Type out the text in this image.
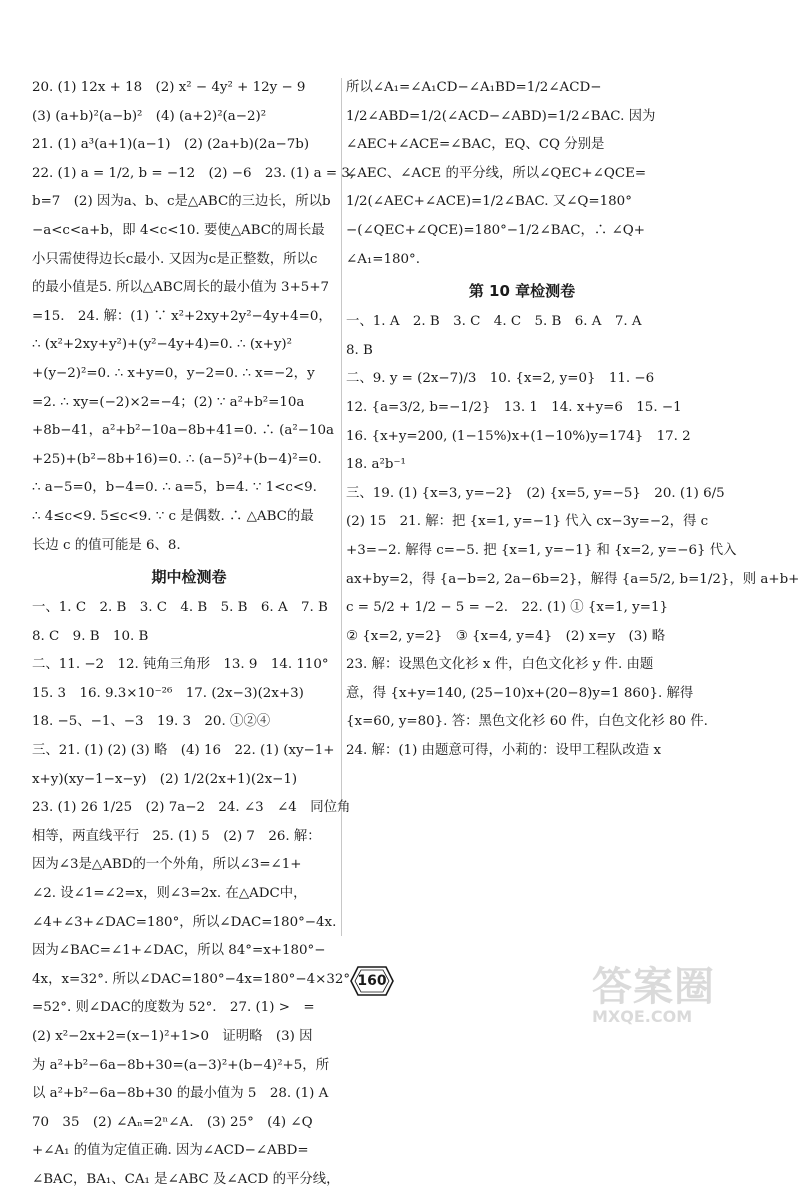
20. (1) 12x + 18　(2) x² − 4y² + 12y − 9
(3) (a+b)²(a−b)²　(4) (a+2)²(a−2)²
21. (1) a³(a+1)(a−1)　(2) (2a+b)(2a−7b)
22. (1) a = 1/2, b = −12　(2) −6　23. (1) a = 3,
b=7　(2) 因为a、b、c是△ABC的三边长，所以b
−a<c<a+b，即 4<c<10. 要使△ABC的周长最
小只需使得边长c最小. 又因为c是正整数，所以c
的最小值是5. 所以△ABC周长的最小值为 3+5+7
=15.　24. 解：(1) ∵ x²+2xy+2y²−4y+4=0，
∴ (x²+2xy+y²)+(y²−4y+4)=0. ∴ (x+y)²
+(y−2)²=0. ∴ x+y=0，y−2=0. ∴ x=−2，y
=2. ∴ xy=(−2)×2=−4；(2) ∵ a²+b²=10a
+8b−41，a²+b²−10a−8b+41=0. ∴ (a²−10a
+25)+(b²−8b+16)=0. ∴ (a−5)²+(b−4)²=0.
∴ a−5=0，b−4=0. ∴ a=5，b=4. ∵ 1<c<9.
∴ 4≤c<9. 5≤c<9. ∵ c 是偶数. ∴ △ABC的最
长边 c 的值可能是 6、8.
期中检测卷
一、1. C　2. B　3. C　4. B　5. B　6. A　7. B
8. C　9. B　10. B
二、11. −2　12. 钝角三角形　13. 9　14. 110°
15. 3　16. 9.3×10⁻²⁶　17. (2x−3)(2x+3)
18. −5、−1、−3　19. 3　20. ①②④
三、21. (1) (2) (3) 略　(4) 16　22. (1) (xy−1+
x+y)(xy−1−x−y)　(2) 1/2(2x+1)(2x−1)
23. (1) 26 1/25　(2) 7a−2　24. ∠3　∠4　同位角
相等，两直线平行　25. (1) 5　(2) 7　26. 解：
因为∠3是△ABD的一个外角，所以∠3=∠1+
∠2. 设∠1=∠2=x，则∠3=2x. 在△ADC中，
∠4+∠3+∠DAC=180°，所以∠DAC=180°−4x.
因为∠BAC=∠1+∠DAC，所以 84°=x+180°−
4x，x=32°. 所以∠DAC=180°−4x=180°−4×32°
=52°. 则∠DAC的度数为 52°.　27. (1) >　=
(2) x²−2x+2=(x−1)²+1>0　证明略　(3) 因
为 a²+b²−6a−8b+30=(a−3)²+(b−4)²+5，所
以 a²+b²−6a−8b+30 的最小值为 5　28. (1) A
70　35　(2) ∠Aₙ=2ⁿ∠A.　(3) 25°　(4) ∠Q
+∠A₁ 的值为定值正确. 因为∠ACD−∠ABD=
∠BAC，BA₁、CA₁ 是∠ABC 及∠ACD 的平分线，
所以∠A₁=∠A₁CD−∠A₁BD=1/2∠ACD−
1/2∠ABD=1/2(∠ACD−∠ABD)=1/2∠BAC. 因为
∠AEC+∠ACE=∠BAC，EQ、CQ 分别是
∠AEC、∠ACE 的平分线，所以∠QEC+∠QCE=
1/2(∠AEC+∠ACE)=1/2∠BAC. 又∠Q=180°
−(∠QEC+∠QCE)=180°−1/2∠BAC，∴ ∠Q+
∠A₁=180°.
第 10 章检测卷
一、1. A　2. B　3. C　4. C　5. B　6. A　7. A
8. B
二、9. y = (2x−7)/3　10. {x=2, y=0}　11. −6
12. {a=3/2, b=−1/2}　13. 1　14. x+y=6　15. −1
16. {x+y=200, (1−15%)x+(1−10%)y=174}　17. 2
18. a²b⁻¹
三、19. (1) {x=3, y=−2}　(2) {x=5, y=−5}　20. (1) 6/5
(2) 15　21. 解：把 {x=1, y=−1} 代入 cx−3y=−2，得 c
+3=−2. 解得 c=−5. 把 {x=1, y=−1} 和 {x=2, y=−6} 代入
ax+by=2，得 {a−b=2, 2a−6b=2}，解得 {a=5/2, b=1/2}，则 a+b+
c = 5/2 + 1/2 − 5 = −2.　22. (1) ① {x=1, y=1}
② {x=2, y=2}　③ {x=4, y=4}　(2) x=y　(3) 略
23. 解：设黑色文化衫 x 件，白色文化衫 y 件. 由题
意，得 {x+y=140, (25−10)x+(20−8)y=1 860}. 解得
{x=60, y=80}. 答：黑色文化衫 60 件，白色文化衫 80 件.
24. 解：(1) 由题意可得，小莉的：设甲工程队改造 x
160	答案圈
MXQE.COM
